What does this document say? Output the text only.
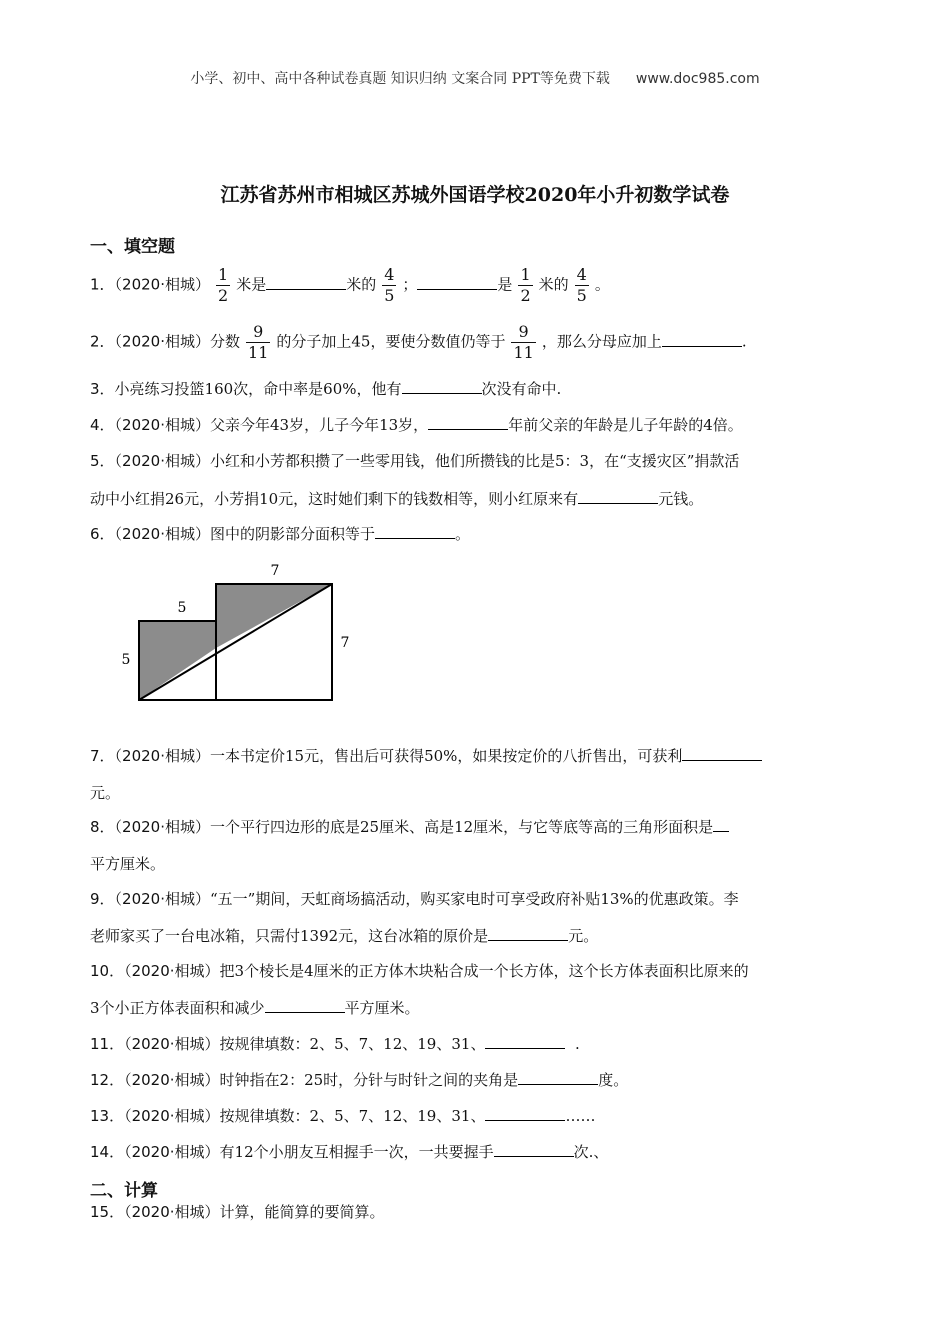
小学、初中、高中各种试卷真题 知识归纳 文案合同 PPT等免费下载 www.doc985.com
江苏省苏州市相城区苏城外国语学校2020年小升初数学试卷
一、填空题
1．（2020·相城） $\frac{1}{2}$ 米是	米的 $\frac{4}{5}$ ；	是 $\frac{1}{2}$ 米的 $\frac{4}{5}$ 。
2．（2020·相城）分数 $\frac{9}{11}$ 的分子加上45，要使分数值仍等于 $\frac{9}{11}$ ，那么分母应加上	.
3．小亮练习投篮160次，命中率是60%，他有	次没有命中.
4．（2020·相城）父亲今年43岁，儿子今年13岁，	年前父亲的年龄是儿子年龄的4倍。
5．（2020·相城）小红和小芳都积攒了一些零用钱，他们所攒钱的比是5：3，在“支援灾区”捐款活
动中小红捐26元，小芳捐10元，这时她们剩下的钱数相等，则小红原来有	元钱。
6．（2020·相城）图中的阴影部分面积等于	。
7
5
5
7
7．（2020·相城）一本书定价15元，售出后可获得50%，如果按定价的八折售出，可获利
元。
8．（2020·相城）一个平行四边形的底是25厘米、高是12厘米，与它等底等高的三角形面积是
平方厘米。
9．（2020·相城）“五一”期间，天虹商场搞活动，购买家电时可享受政府补贴13%的优惠政策。李
老师家买了一台电冰箱，只需付1392元，这台冰箱的原价是	元。
10．（2020·相城）把3个棱长是4厘米的正方体木块粘合成一个长方体，这个长方体表面积比原来的
3个小正方体表面积和减少	平方厘米。
11．（2020·相城）按规律填数：2、5、7、12、19、31、	.
12．（2020·相城）时钟指在2：25时，分针与时针之间的夹角是	度。
13．（2020·相城）按规律填数：2、5、7、12、19、31、	……
14．（2020·相城）有12个小朋友互相握手一次，一共要握手	次.、
二、计算
15．（2020·相城）计算，能简算的要简算。
